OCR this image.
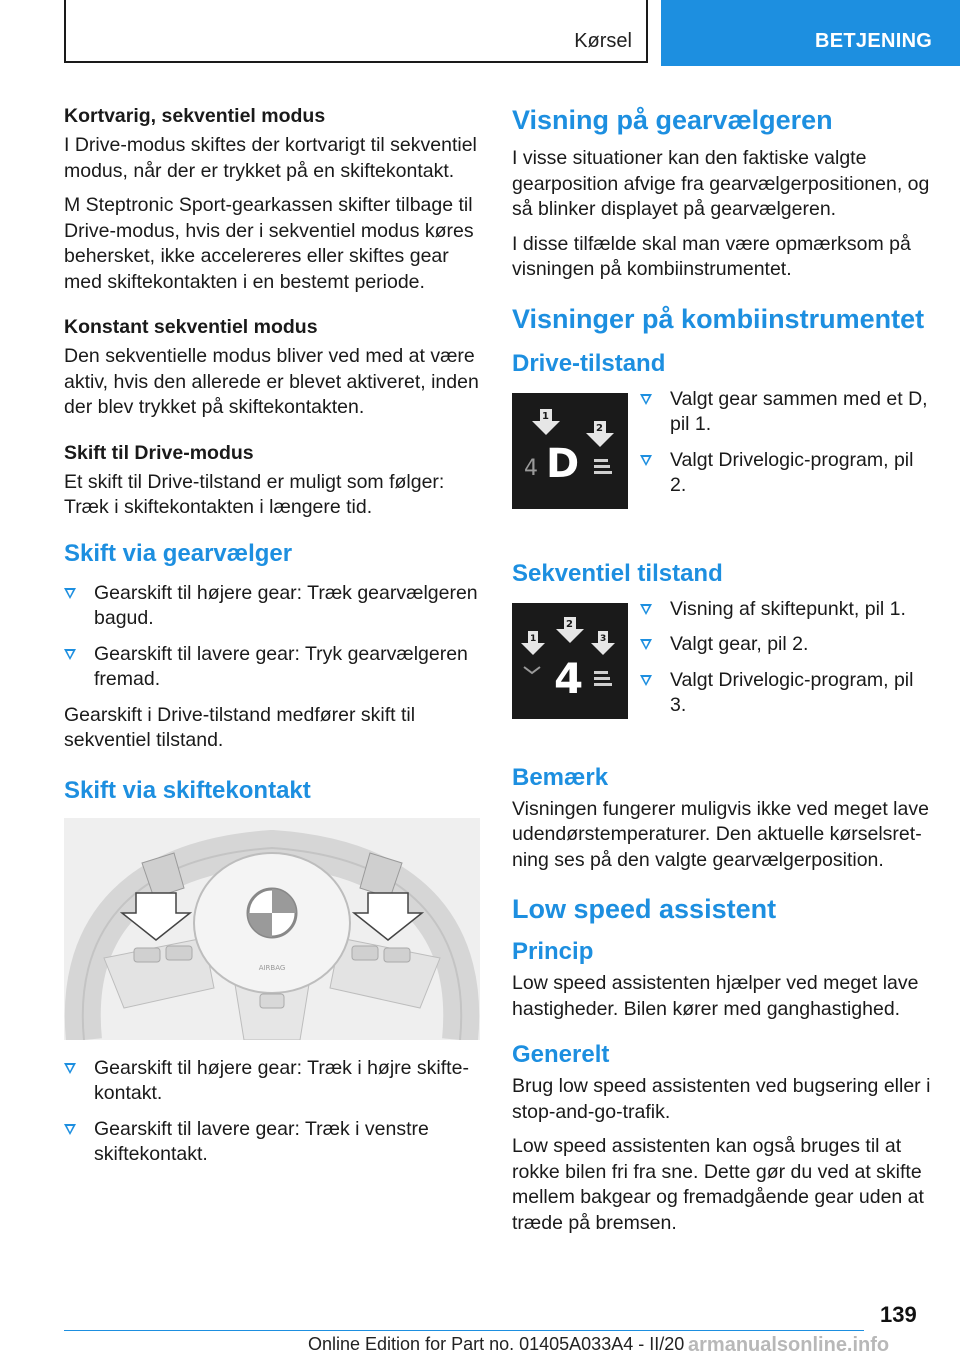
Kørsel	BETJENING
Kortvarig, sekventiel modus

I Drive-modus skiftes der kortvarigt til sekventiel modus, når der er trykket på en skiftekontakt.

M Steptronic Sport-gearkassen skifter tilbage til Drive-modus, hvis der i sekventiel modus køres behersket, ikke accelereres eller skiftes gear med skiftekontakten i en bestemt periode.

Konstant sekventiel modus

Den sekventielle modus bliver ved med at være aktiv, hvis den allerede er blevet aktiveret, inden der blev trykket på skiftekontakten.

Skift til Drive-modus

Et skift til Drive-tilstand er muligt som følger: Træk i skiftekontakten i længere tid.

Skift via gearvælger
Gearskift til højere gear: Træk gearvælgeren bagud.
Gearskift til lavere gear: Tryk gearvælgeren fremad.

Gearskift i Drive-tilstand medfører skift til sekventiel tilstand.

Skift via skiftekontakt
AIRBAG
Gearskift til højere gear: Træk i højre skiftekontakt.
Gearskift til lavere gear: Træk i venstre skiftekontakt.
Visning på gearvælgeren

I visse situationer kan den faktiske valgte gearposition afvige fra gearvælgerpositionen, og så blinker displayet på gearvælgeren.

I disse tilfælde skal man være opmærksom på visningen på kombiinstrumentet.

Visninger på kombiinstrumentet
Drive-tilstand
1
2
4 D
Valgt gear sammen med et D, pil 1.
Valgt Drivelogic-program, pil 2.
Sekventiel tilstand
1
2
3
4
Visning af skiftepunkt, pil 1.
Valgt gear, pil 2.
Valgt Drivelogic-program, pil 3.
Bemærk

Visningen fungerer muligvis ikke ved meget lave udendørstemperaturer. Den aktuelle kørselsretning ses på den valgte gearvælgerposition.

Low speed assistent
Princip

Low speed assistenten hjælper ved meget lave hastigheder. Bilen kører med ganghastighed.

Generelt

Brug low speed assistenten ved bugsering eller i stop-and-go-trafik.

Low speed assistenten kan også bruges til at rokke bilen fri fra sne. Dette gør du ved at skifte mellem bakgear og fremadgående gear uden at træde på bremsen.

139
Online Edition for Part no. 01405A033A4 - II/20 armanualsonline.info
